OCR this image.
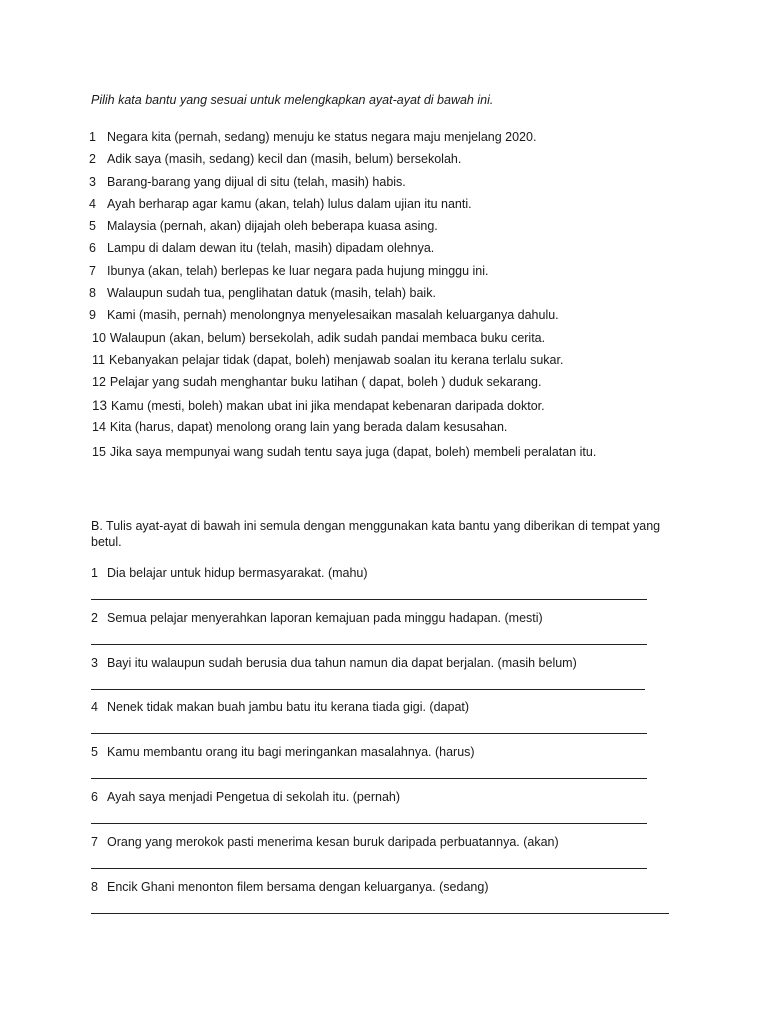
Pilih kata bantu yang sesuai untuk melengkapkan ayat-ayat di bawah ini.
1 Negara kita (pernah, sedang) menuju ke status negara maju menjelang 2020.
2 Adik saya (masih, sedang) kecil dan (masih, belum) bersekolah.
3 Barang-barang yang dijual di situ (telah, masih) habis.
4 Ayah berharap agar kamu (akan, telah) lulus dalam ujian itu nanti.
5 Malaysia (pernah, akan) dijajah oleh beberapa kuasa asing.
6 Lampu di dalam dewan itu (telah, masih) dipadam olehnya.
7 Ibunya (akan, telah) berlepas ke luar negara pada hujung minggu ini.
8 Walaupun sudah tua, penglihatan datuk (masih, telah) baik.
9 Kami (masih, pernah) menolongnya menyelesaikan masalah keluarganya dahulu.
10 Walaupun (akan, belum) bersekolah, adik sudah pandai membaca buku cerita.
11 Kebanyakan pelajar tidak (dapat, boleh) menjawab soalan itu kerana terlalu sukar.
12 Pelajar yang sudah menghantar buku latihan ( dapat, boleh ) duduk sekarang.
13 Kamu (mesti, boleh) makan ubat ini jika mendapat kebenaran daripada doktor.
14 Kita (harus, dapat) menolong orang lain yang berada dalam kesusahan.
15 Jika saya mempunyai wang sudah tentu saya juga (dapat, boleh) membeli peralatan itu.
B. Tulis ayat-ayat di bawah ini semula dengan menggunakan kata bantu yang diberikan di tempat yang betul.
1 Dia belajar untuk hidup bermasyarakat. (mahu)
2 Semua pelajar menyerahkan laporan kemajuan pada minggu hadapan. (mesti)
3 Bayi itu walaupun sudah berusia dua tahun namun dia dapat berjalan. (masih belum)
4 Nenek tidak makan buah jambu batu itu kerana tiada gigi. (dapat)
5 Kamu membantu orang itu bagi meringankan masalahnya. (harus)
6 Ayah saya menjadi Pengetua di sekolah itu. (pernah)
7 Orang yang merokok pasti menerima kesan buruk daripada perbuatannya. (akan)
8 Encik Ghani menonton filem bersama dengan keluarganya. (sedang)
